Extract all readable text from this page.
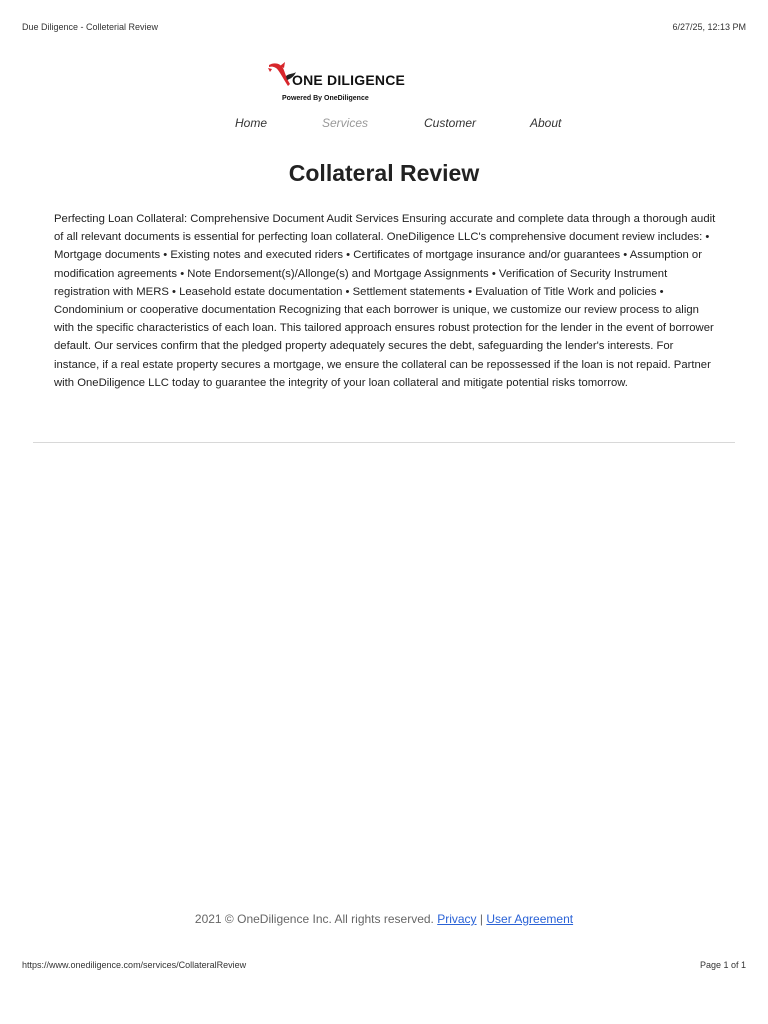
Due Diligence - Colleterial Review	6/27/25, 12:13 PM
ONE DILIGENCE
Powered By OneDiligence
Home	Services	Customer	About
Collateral Review

Perfecting Loan Collateral: Comprehensive Document Audit Services Ensuring accurate and complete data through a thorough audit of all relevant documents is essential for perfecting loan collateral. OneDiligence LLC's comprehensive document review includes: • Mortgage documents • Existing notes and executed riders • Certificates of mortgage insurance and/or guarantees • Assumption or modification agreements • Note Endorsement(s)/Allonge(s) and Mortgage Assignments • Verification of Security Instrument registration with MERS • Leasehold estate documentation • Settlement statements • Evaluation of Title Work and policies • Condominium or cooperative documentation Recognizing that each borrower is unique, we customize our review process to align with the specific characteristics of each loan. This tailored approach ensures robust protection for the lender in the event of borrower default. Our services confirm that the pledged property adequately secures the debt, safeguarding the lender's interests. For instance, if a real estate property secures a mortgage, we ensure the collateral can be repossessed if the loan is not repaid. Partner with OneDiligence LLC today to guarantee the integrity of your loan collateral and mitigate potential risks tomorrow.

2021 © OneDiligence Inc. All rights reserved. Privacy | User Agreement
https://www.onediligence.com/services/CollateralReview	Page 1 of 1
